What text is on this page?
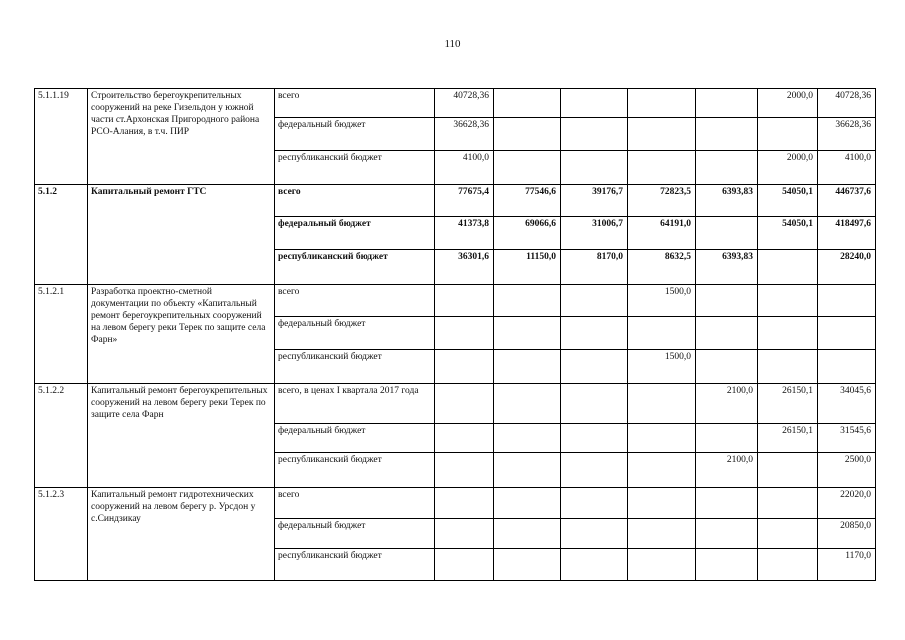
110
5.1.1.19	Строительство берегоукрепительных сооружений на реке Гизельдон у южной части ст.Архонская Пригородного района РСО-Алания, в т.ч. ПИР	всего	40728,36					2000,0	40728,36
		федеральный бюджет	36628,36						36628,36
		республиканский бюджет	4100,0					2000,0	4100,0
5.1.2	Капитальный ремонт ГТС	всего	77675,4	77546,6	39176,7	72823,5	6393,83	54050,1	446737,6
		федеральный бюджет	41373,8	69066,6	31006,7	64191,0		54050,1	418497,6
		республиканский бюджет	36301,6	11150,0	8170,0	8632,5	6393,83		28240,0
5.1.2.1	Разработка проектно-сметной документации по объекту «Капитальный ремонт берегоукрепительных сооружений на левом берегу реки Терек по защите села Фарн»	всего				1500,0			
		федеральный бюджет							
		республиканский бюджет				1500,0			
5.1.2.2	Капитальный ремонт берегоукрепительных сооружений на левом берегу реки Терек по защите села Фарн	всего, в ценах I квартала 2017 года					2100,0	26150,1	34045,6
		федеральный бюджет						26150,1	31545,6
		республиканский бюджет					2100,0		2500,0
5.1.2.3	Капитальный ремонт гидротехнических сооружений на левом берегу р. Урсдон у с.Синдзикау	всего							22020,0
		федеральный бюджет							20850,0
		республиканский бюджет							1170,0
